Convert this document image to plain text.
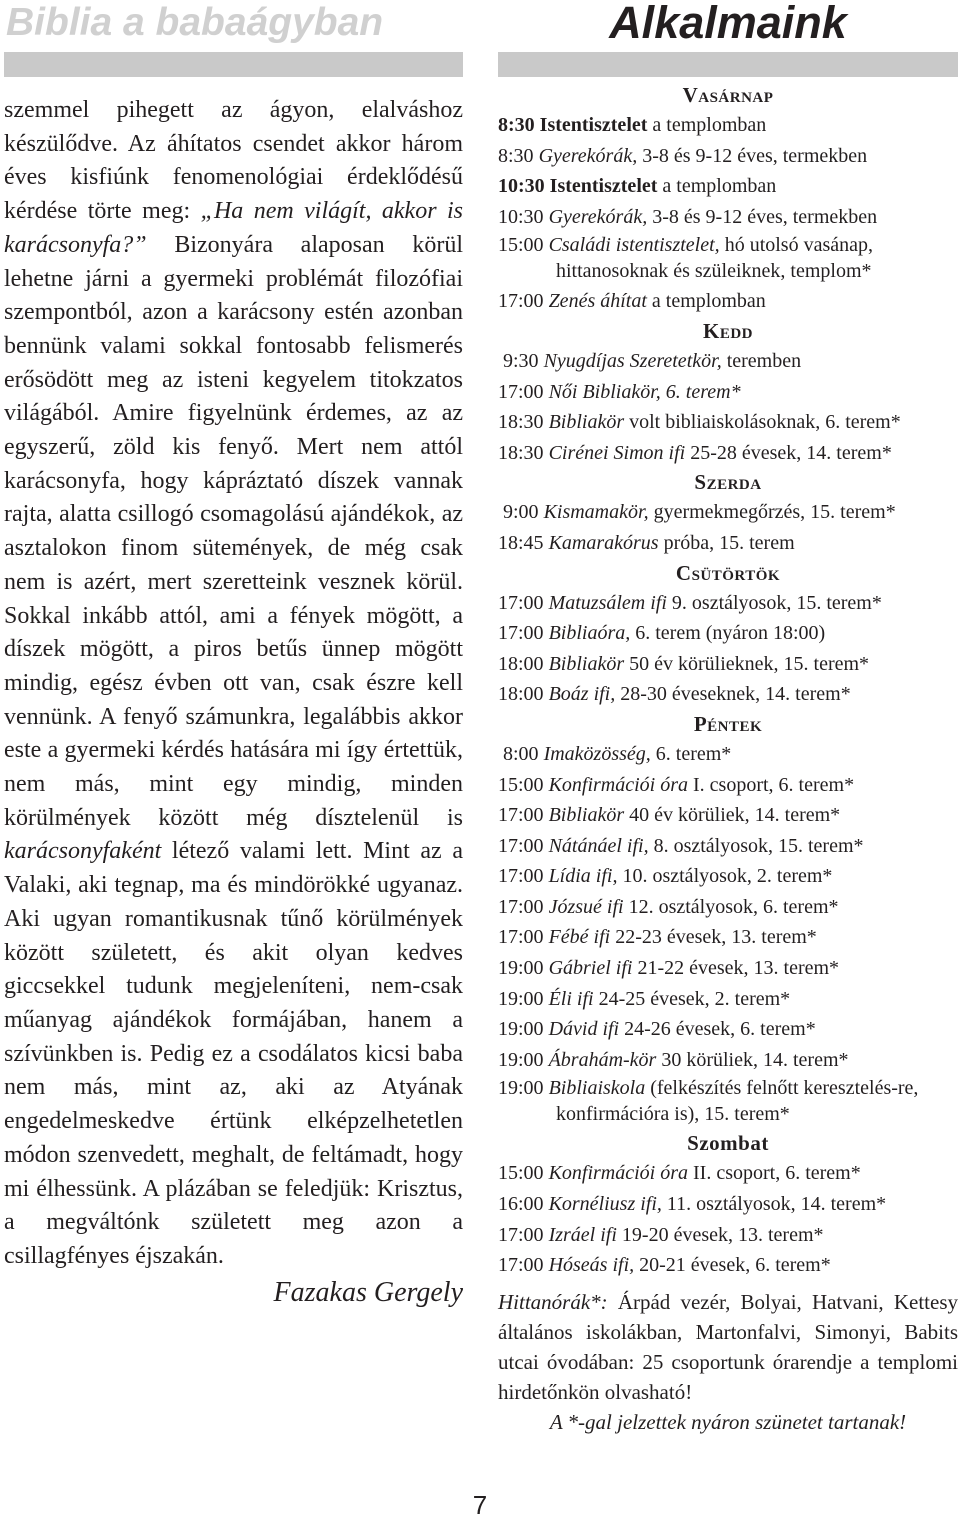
Biblia a babaágyban

szemmel pihegett az ágyon, elalváshoz készülődve. Az áhítatos csendet akkor három éves kisfiúnk fenomenológiai érdeklődésű kérdése törte meg: „Ha nem világít, akkor is karácsonyfa?” Bizonyára alaposan körül lehetne járni a gyermeki problémát filozófiai szempontból, azon a karácsony estén azonban bennünk valami sokkal fontosabb felismerés erősödött meg az isteni kegyelem titokzatos világából. Amire figyelnünk érdemes, az az egyszerű, zöld kis fenyő. Mert nem attól karácsonyfa, hogy kápráztató díszek vannak rajta, alatta csillogó csomagolású ajándékok, az asztalokon finom sütemények, de még csak nem is azért, mert szeretteink vesznek körül. Sokkal inkább attól, ami a fények mögött, a díszek mögött, a piros betűs ünnep mögött mindig, egész évben ott van, csak észre kell vennünk. A fenyő számunkra, legalábbis akkor este a gyermeki kérdés hatására mi így értettük, nem más, mint egy mindig, minden körülmények között még dísztelenül is karácsonyfaként létező valami lett. Mint az a Valaki, aki tegnap, ma és mindörökké ugyanaz. Aki ugyan romantikusnak tűnő körülmények között született, és akit olyan kedves giccsekkel tudunk megjeleníteni, nem-csak műanyag ajándékok formájában, hanem a szívünkben is. Pedig ez a csodálatos kicsi baba nem más, mint az, aki az Atyának engedelmeskedve értünk elképzelhetetlen módon szenvedett, meghalt, de feltámadt, hogy mi élhessünk. A plázában se feledjük: Krisztus, a megváltónk született meg azon a csillagfényes éjszakán.

Fazakas Gergely
7
Alkalmaink
Vasárnap
8:30 Istentisztelet a templomban
8:30 Gyerekórák, 3-8 és 9-12 éves, termekben
10:30 Istentisztelet a templomban
10:30 Gyerekórák, 3-8 és 9-12 éves, termekben
15:00 Családi istentisztelet, hó utolsó vasánap, hittanosoknak és szüleiknek, templom*
17:00 Zenés áhítat a templomban
Kedd
9:30 Nyugdíjas Szeretetkör, teremben
17:00 Női Bibliakör, 6. terem*
18:30 Bibliakör volt bibliaiskolásoknak, 6. terem*
18:30 Cirénei Simon ifi 25-28 évesek, 14. terem*
Szerda
9:00 Kismamakör, gyermekmegőrzés, 15. terem*
18:45 Kamarakórus próba, 15. terem
Csütörtök
17:00 Matuzsálem ifi 9. osztályosok, 15. terem*
17:00 Bibliaóra, 6. terem (nyáron 18:00)
18:00 Bibliakör 50 év körülieknek, 15. terem*
18:00 Boáz ifi, 28-30 éveseknek, 14. terem*
Péntek
8:00 Imaközösség, 6. terem*
15:00 Konfirmációi óra I. csoport, 6. terem*
17:00 Bibliakör 40 év körüliek, 14. terem*
17:00 Nátánáel ifi, 8. osztályosok, 15. terem*
17:00 Lídia ifi, 10. osztályosok, 2. terem*
17:00 Józsué ifi 12. osztályosok, 6. terem*
17:00 Fébé ifi 22-23 évesek, 13. terem*
19:00 Gábriel ifi 21-22 évesek, 13. terem*
19:00 Éli ifi 24-25 évesek, 2. terem*
19:00 Dávid ifi 24-26 évesek, 6. terem*
19:00 Ábrahám-kör 30 körüliek, 14. terem*
19:00 Bibliaiskola (felkészítés felnőtt keresztelés-re, konfirmációra is), 15. terem*
Szombat
15:00 Konfirmációi óra II. csoport, 6. terem*
16:00 Kornéliusz ifi, 11. osztályosok, 14. terem*
17:00 Izráel ifi 19-20 évesek, 13. terem*
17:00 Hóseás ifi, 20-21 évesek, 6. terem*
Hittanórák*: Árpád vezér, Bolyai, Hatvani, Kettesy általános iskolákban, Martonfalvi, Simonyi, Babits utcai óvodában: 25 csoportunk órarendje a templomi hirdetőnkön olvasható!
A *-gal jelzettek nyáron szünetet tartanak!
